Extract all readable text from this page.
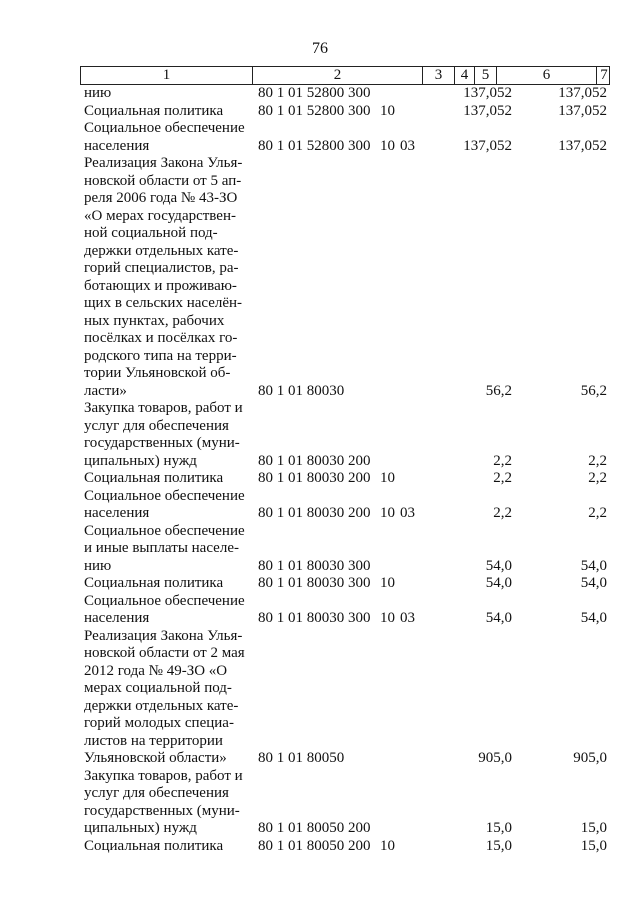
76
1	2	3	4 5	6	7
нию	80 1 01 52800 300	137,052	137,052
Социальная политика	80 1 01 52800 300 10	137,052	137,052
Социальное обеспечение
населения	80 1 01 52800 300 10 03	137,052	137,052
Реализация Закона Улья-
новской области от 5 ап-
реля 2006 года № 43-ЗО
«О мерах государствен-
ной социальной под-
держки отдельных кате-
горий специалистов, ра-
ботающих и проживаю-
щих в сельских населён-
ных пунктах, рабочих
посёлках и посёлках го-
родского типа на терри-
тории Ульяновской об-
ласти»	80 1 01 80030	56,2	56,2
Закупка товаров, работ и
услуг для обеспечения
государственных (муни-
ципальных) нужд	80 1 01 80030 200	2,2	2,2
Социальная политика	80 1 01 80030 200 10	2,2	2,2
Социальное обеспечение
населения	80 1 01 80030 200 10 03	2,2	2,2
Социальное обеспечение
и иные выплаты населе-
нию	80 1 01 80030 300	54,0	54,0
Социальная политика	80 1 01 80030 300 10	54,0	54,0
Социальное обеспечение
населения	80 1 01 80030 300 10 03	54,0	54,0
Реализация Закона Улья-
новской области от 2 мая
2012 года № 49-ЗО «О
мерах социальной под-
держки отдельных кате-
горий молодых специа-
листов на территории
Ульяновской области»	80 1 01 80050	905,0	905,0
Закупка товаров, работ и
услуг для обеспечения
государственных (муни-
ципальных) нужд	80 1 01 80050 200	15,0	15,0
Социальная политика	80 1 01 80050 200 10	15,0	15,0
